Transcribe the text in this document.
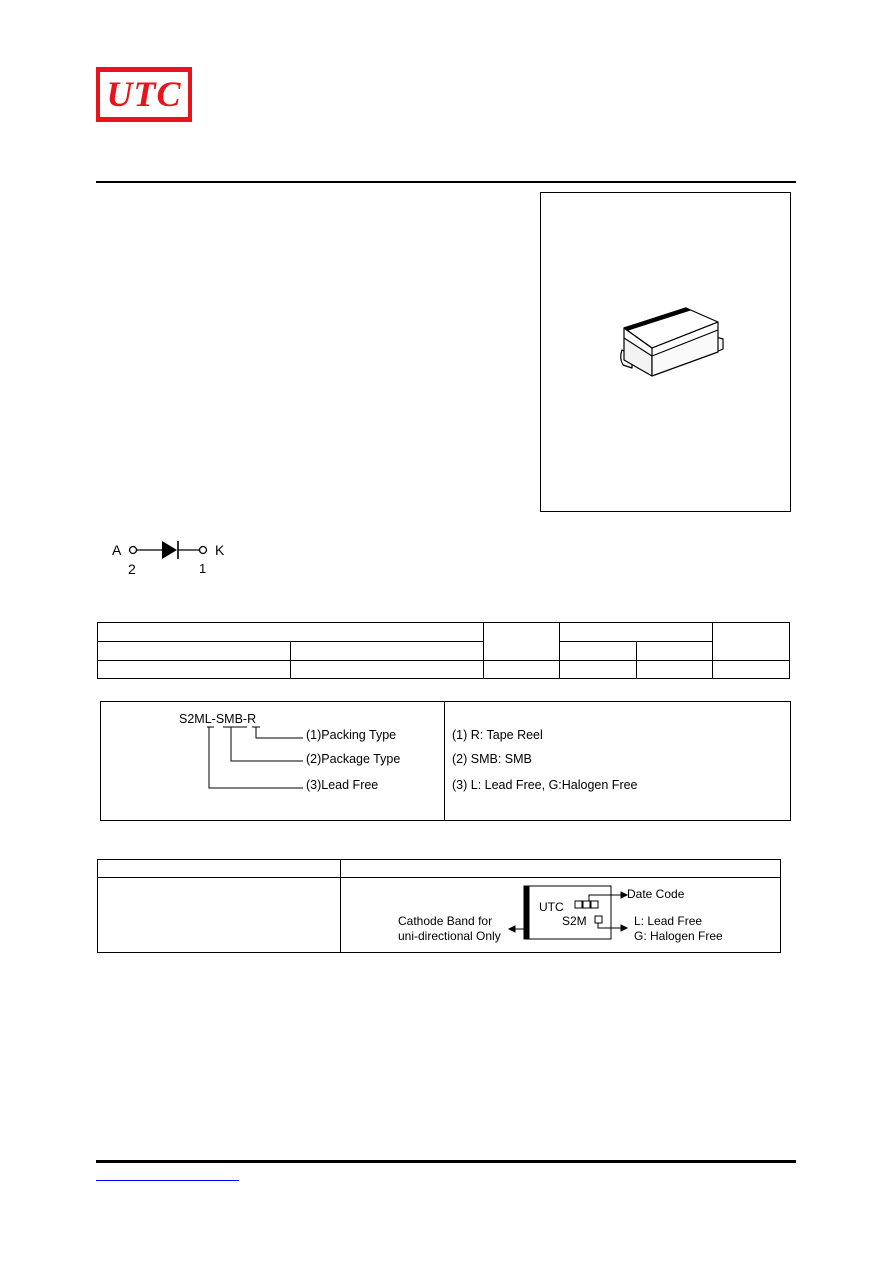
UTC
A	K
2	1

S2ML-SMB-R
(1)Packing Type
(2)Package Type
(3)Lead Free
(1) R: Tape Reel
(2) SMB: SMB
(3) L: Lead Free, G:Halogen Free

UTC
S2M
Date Code
L: Lead Free
G: Halogen Free
Cathode Band for
uni-directional Only
